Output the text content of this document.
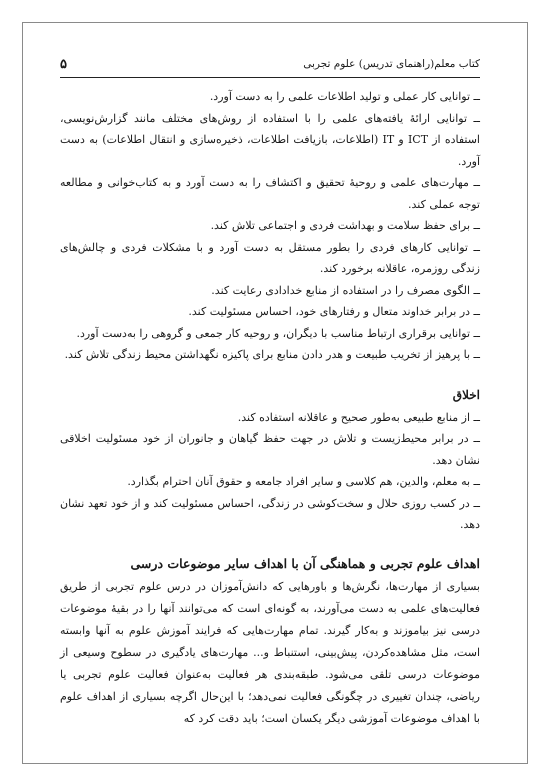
کتاب معلم(راهنمای تدریس) علوم تجربی
۵

ــ توانایی کار عملی و تولید اطلاعات علمی را به دست آورد.

ــ توانایی ارائهٔ یافته‌های علمی را با استفاده از روش‌های مختلف مانند گزارش‌نویسی، استفاده از ICT و IT (اطلاعات، بازیافت اطلاعات، ذخیره‌سازی و انتقال اطلاعات) به دست آورد.

ــ مهارت‌های علمی و روحیهٔ تحقیق و اکتشاف را به دست آورد و به کتاب‌خوانی و مطالعه توجه عملی کند.

ــ برای حفظ سلامت و بهداشت فردی و اجتماعی تلاش کند.

ــ توانایی کارهای فردی را بطور مستقل به دست آورد و با مشکلات فردی و چالش‌های زندگی روزمره، عاقلانه برخورد کند.

ــ الگوی مصرف را در استفاده از منابع خدادادی رعایت کند.

ــ در برابر خداوند متعال و رفتارهای خود، احساس مسئولیت کند.

ــ توانایی برقراری ارتباط مناسب با دیگران، و روحیه کار جمعی و گروهی را به‌دست آورد.

ــ با پرهیز از تخریب طبیعت و هدر دادن منابع برای پاکیزه نگهداشتن محیط زندگی تلاش کند.

اخلاق

ــ از منابع طبیعی به‌طور صحیح و عاقلانه استفاده کند.

ــ در برابر محیط‌زیست و تلاش در جهت حفظ گیاهان و جانوران از خود مسئولیت اخلاقی نشان دهد.

ــ به معلم، والدین، هم کلاسی و سایر افراد جامعه و حقوق آنان احترام بگذارد.

ــ در کسب روزی حلال و سخت‌کوشی در زندگی، احساس مسئولیت کند و از خود تعهد نشان دهد.

اهداف علوم تجربی و هماهنگی آن با اهداف سایر موضوعات درسی

بسیاری از مهارت‌ها، نگرش‌ها و باورهایی که دانش‌آموزان در درس علوم تجربی از طریق فعالیت‌های علمی به دست می‌آورند، به گونه‌ای است که می‌توانند آنها را در بقیهٔ موضوعات درسی نیز بیاموزند و به‌کار گیرند. تمام مهارت‌هایی که فرایند آموزش علوم به آنها وابسته است، مثل مشاهده‌کردن، پیش‌بینی، استنباط و... مهارت‌های یادگیری در سطوح وسیعی از موضوعات درسی تلقی می‌شود. طبقه‌بندی هر فعالیت به‌عنوان فعالیت علوم تجربی یا ریاضی، چندان تغییری در چگونگی فعالیت نمی‌دهد؛ با این‌حال اگرچه بسیاری از اهداف علوم با اهداف موضوعات آموزشی دیگر یکسان است؛ باید دقت کرد که
